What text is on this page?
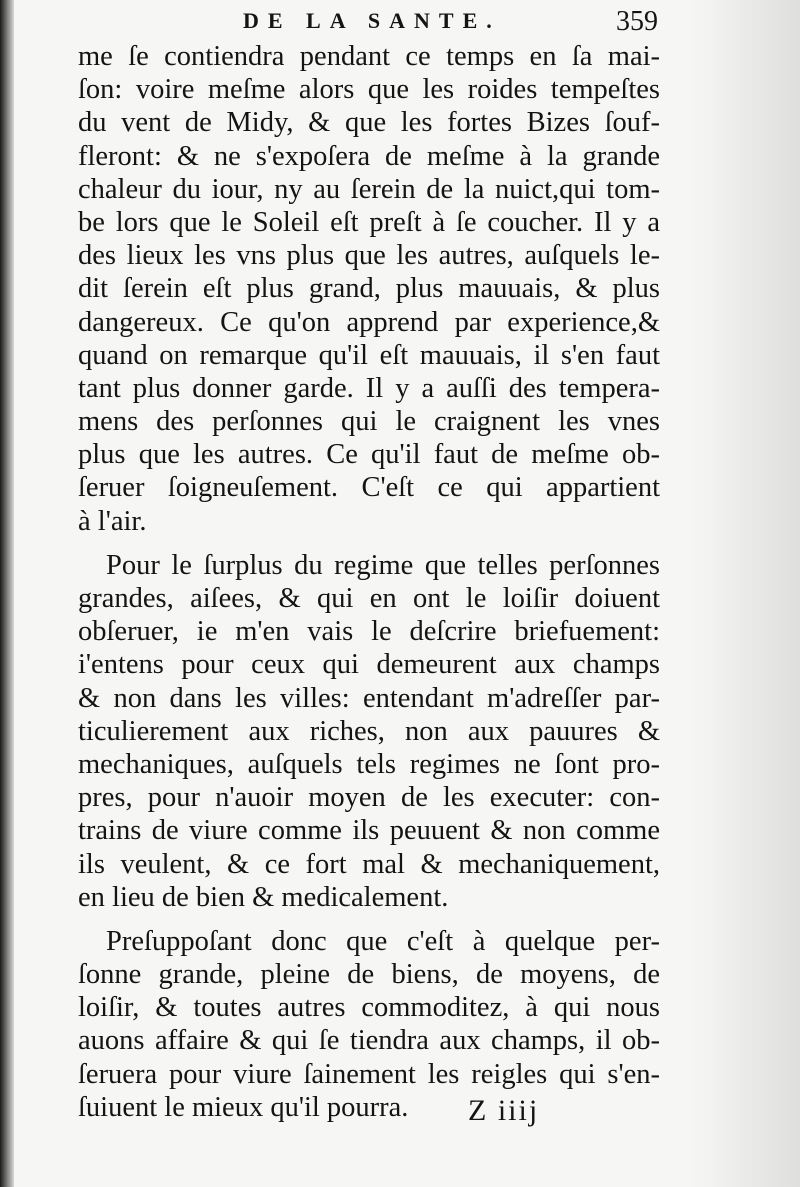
DE LA SANTE.	359
me ſe contiendra pendant ce temps en ſa mai-
ſon: voire meſme alors que les roides tempeſtes
du vent de Midy, & que les fortes Bizes ſouf-
fleront: & ne s'expoſera de meſme à la grande
chaleur du iour, ny au ſerein de la nuict,qui tom-
be lors que le Soleil eſt preſt à ſe coucher. Il y a
des lieux les vns plus que les autres, auſquels le-
dit ſerein eſt plus grand, plus mauuais, & plus
dangereux. Ce qu'on apprend par experience,&
quand on remarque qu'il eſt mauuais, il s'en faut
tant plus donner garde. Il y a auſſi des tempera-
mens des perſonnes qui le craignent les vnes
plus que les autres. Ce qu'il faut de meſme ob-
ſeruer ſoigneuſement. C'eſt ce qui appartient
à l'air.
Pour le ſurplus du regime que telles perſonnes
grandes, aiſees, & qui en ont le loiſir doiuent
obſeruer, ie m'en vais le deſcrire briefuement:
i'entens pour ceux qui demeurent aux champs
& non dans les villes: entendant m'adreſſer par-
ticulierement aux riches, non aux pauures &
mechaniques, auſquels tels regimes ne ſont pro-
pres, pour n'auoir moyen de les executer: con-
trains de viure comme ils peuuent & non comme
ils veulent, & ce fort mal & mechaniquement,
en lieu de bien & medicalement.
Preſuppoſant donc que c'eſt à quelque per-
ſonne grande, pleine de biens, de moyens, de
loiſir, & toutes autres commoditez, à qui nous
auons affaire & qui ſe tiendra aux champs, il ob-
ſeruera pour viure ſainement les reigles qui s'en-
ſuiuent le mieux qu'il pourra.	Z iiij
